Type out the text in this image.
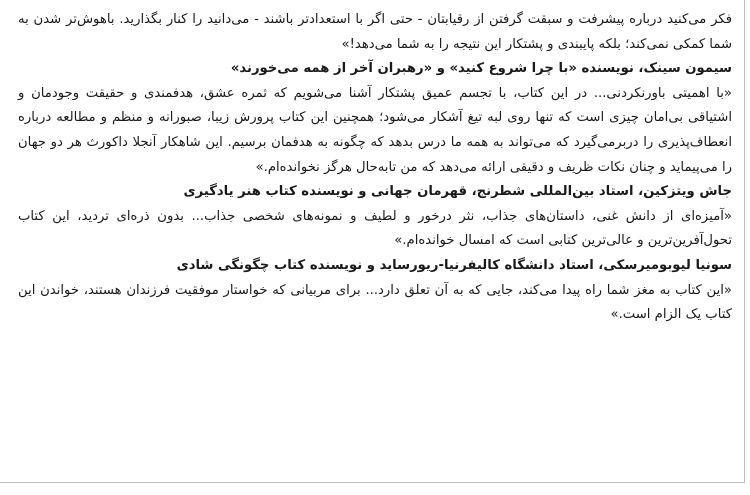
فکر می‌کنید درباره پیشرفت و سبقت گرفتن از رقیابتان - حتی اگر با استعدادتر باشند - می‌دانید را کنار بگذارید. باهوش‌تر شدن به شما کمکی نمی‌کند؛ بلکه پایبندی و پشتکار این نتیجه را به شما می‌دهد!»

سیمون سینک، نویسنده «با چرا شروع کنید» و «رهبران آخر از همه می‌خورند»

«با اهمیتی باورنکردنی... در این کتاب، با تجسم عمیق پشتکار آشنا می‌شویم که ثمره عشق، هدفمندی و حقیقت وجودمان و اشتیاقی بی‌امان چیزی است که تنها روی لبه تیغ آشکار می‌شود؛ همچنین این کتاب پرورش زیبا، صبورانه و منظم و مطالعه درباره انعطاف‌پذیری را دربرمی‌گیرد که می‌تواند به همه ما درس بدهد که چگونه به هدفمان برسیم. این شاهکار آنجلا داکورث هر دو جهان را می‌پیماید و چنان نکات ظریف و دقیقی ارائه می‌دهد که من تابه‌حال هرگز نخوانده‌ام.»

جاش ویتزکین، استاد بین‌المللی شطرنج، قهرمان جهانی و نویسنده کتاب هنر یادگیری

«آمیزه‌ای از دانش غنی، داستان‌های جذاب، نثر درخور و لطیف و نمونه‌های شخصی جذاب... بدون ذره‌ای تردید، این کتاب تحول‌آفرین‌ترین و عالی‌ترین کتابی است که امسال خوانده‌ام.»

سونیا لیوبومیرسکی، استاد دانشگاه کالیفرنیا-ریورساید و نویسنده کتاب چگونگی شادی

«این کتاب به مغز شما راه پیدا می‌کند، جایی که به آن تعلق دارد... برای مربیانی که خواستار موفقیت فرزندان هستند، خواندن این کتاب یک الزام است.»
